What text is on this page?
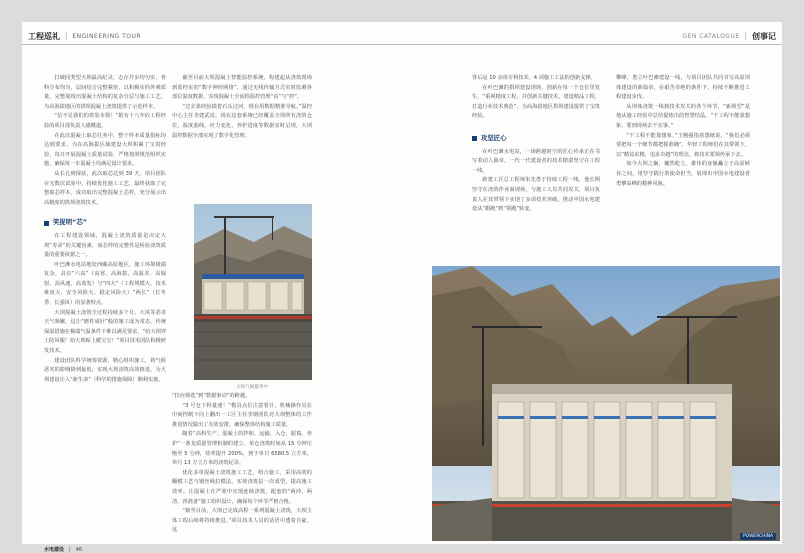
工程巡礼 | ENGINEERING TOUR

打破同类型大坝最高纪录，志存并步均匀实，骨科分布均匀，层间结合完整紧密，以积极实的外观质量，完整展现出混凝土结构的复杂分层与施工工艺，为高海拔地区的拱坝混凝土浇筑提供了示范样本。

“信不足我们的着装本领！”据有十八年砼工程经验的项目部负责人感慨道。

在此次混凝土取芯任务中，整个样本质量指标均达到要求，为在高海拔区域建设大坝积累了宝贵经验，每日开展混凝土质量试验，严格按照规范组织实施，确保每一车混凝土均满足设计要求。

从长孔到探底，此次取芯达到 39 天，项目团队在无数次试验中，持续优化施工工艺，最终获取了完整取芯样本，成功取出完整混凝土芯样，充分展示出高精度的拱坝浇筑技术。

笑捉明“芯”

在工程建设领域，混凝土浇筑质量是决定大坝“寿命”的关键因素，而芯样的完整性是检验浇筑质量的重要依据之一。

叶巴滩水电站地处西藏高原地区，施工环境极端复杂，具有“六高”（高寒、高海拔、高温差、高辐射、高风速、高蒸发）与“四大”（工程规模大、技术难度大、安全风险大、稳定风险大）“两长”（长冬季、长强风）的显著特点。

大坝混凝土浇筑全过程持续多个月，大风等恶劣天气频繁，这让“磨杵成针”般的施工成为常态，传统保温措施在极端气温条件下难以满足要求，“给大坝穿上防风服！给大坝贴上暖宝宝！”项目技术团队积极研发技术。

建设团队科学统筹资源，精心组织施工，将气候恶劣的影响降到最低，实现大坝浇筑高效推进，为大坝建设注入“新生命”（科学的措施保障）顺利实施。

截至目前大坝混凝土智能温控系统，构建起从浇筑现场到监控室的“数字神经网络”，通过无线传输方式实时监测各部位温度数据，实现混凝土全流程温控管理“看”与“控”。

“过去靠经验摸着石头过河，现在用数据精准导航。”温控中心主任李建武说，现在这套系统已经覆盖全坝所有浇筑仓位，温度曲线、应力变化、养护进度等数据实时呈现，大坝温控数据全部实现了数字化管理。

大坝气候服务中

“拉应筛选”到“数据驱动”的跨越。

“3 号仓下料量速！”模具点位注意着日，机械操作员在中间控制下向上翻出一工区主任李钢团队对大坝整体的工作推进情况做出了有效安排，确保整体结构施工质量。

随着“高科生产、混凝土的拌和、运输、入仓、振捣、养护”一条龙质量管理机制的建立，单仓浇筑时间从 15 分钟压缩至 5 分钟，效率提升 200%，到于单日 6580.5 立方米，单月 13 万立方米的浇筑纪录。

优化多单混凝土浇筑施工工艺，组合施工，采用高效的翻模工艺与钢丝绳拉模法，实现浇筑层一次成型，提高施工效率。让混凝土在严寒中实现连续浇筑，配套的“两冲、两清、四准备”施工组织设计，确保每个环节严格合格。

“截至目前，大坝已完成高程一系列混凝土浇筑，大坝主体工程后续将持续推进。”项目技术人员的话语中透着自豪，这

水电建设 | 46
GEN CATALOGUE | 创事记

背后是 10 余项专利技术、4 项施工工法的创新支撑。

在叶巴滩的拱坝建设现场，创新在每一个仓位里发生，“重视精度工程，并创新关键技术，建设精品工程，打造行业技术典范”，为高海拔地区拱坝建设提供了宝贵经验。

攻坚匠心

在叶巴滩水电站，一场跨越时空的匠心传承正在书写着动人篇章，一代一代建设者的技术精湛坚守在工程一线。

距建工区总工程师朱先勇于持续工程一线，他长期坚守在浇筑作业面现场，与施工人员共同攻关，项目负责人在其带领下实现了多项技术突破，推动中国水电建设从“跟跑”到“领跑”转变。

攀峰，勇立叶巴滩建设一线，与项目团队共同书写高原坝体建设的新篇章，在艰苦卓绝的条件下，持续不断推进工程建设步伐。

从坝体浇筑一线到技术攻关的各个环节，“新坝型”是他从施工经验中总结提炼出的智慧结晶，“干工程不能靠想象，要到现场去干实事。”

“干工程不能靠想象，”王刚强指着图纸说，“我们必须要把每一个细节都把握准确”，年轻工程师们在其带领下，以“精益求精，追求卓越”的理念，将技术要领传承下去。

如今大坝之巅，巍然屹立，雄伟的身躯矗立于高原峡谷之间，用坚守践行着使命担当，展现出中国水电建设者勇攀高峰的精神风貌。

POWERCHINA
